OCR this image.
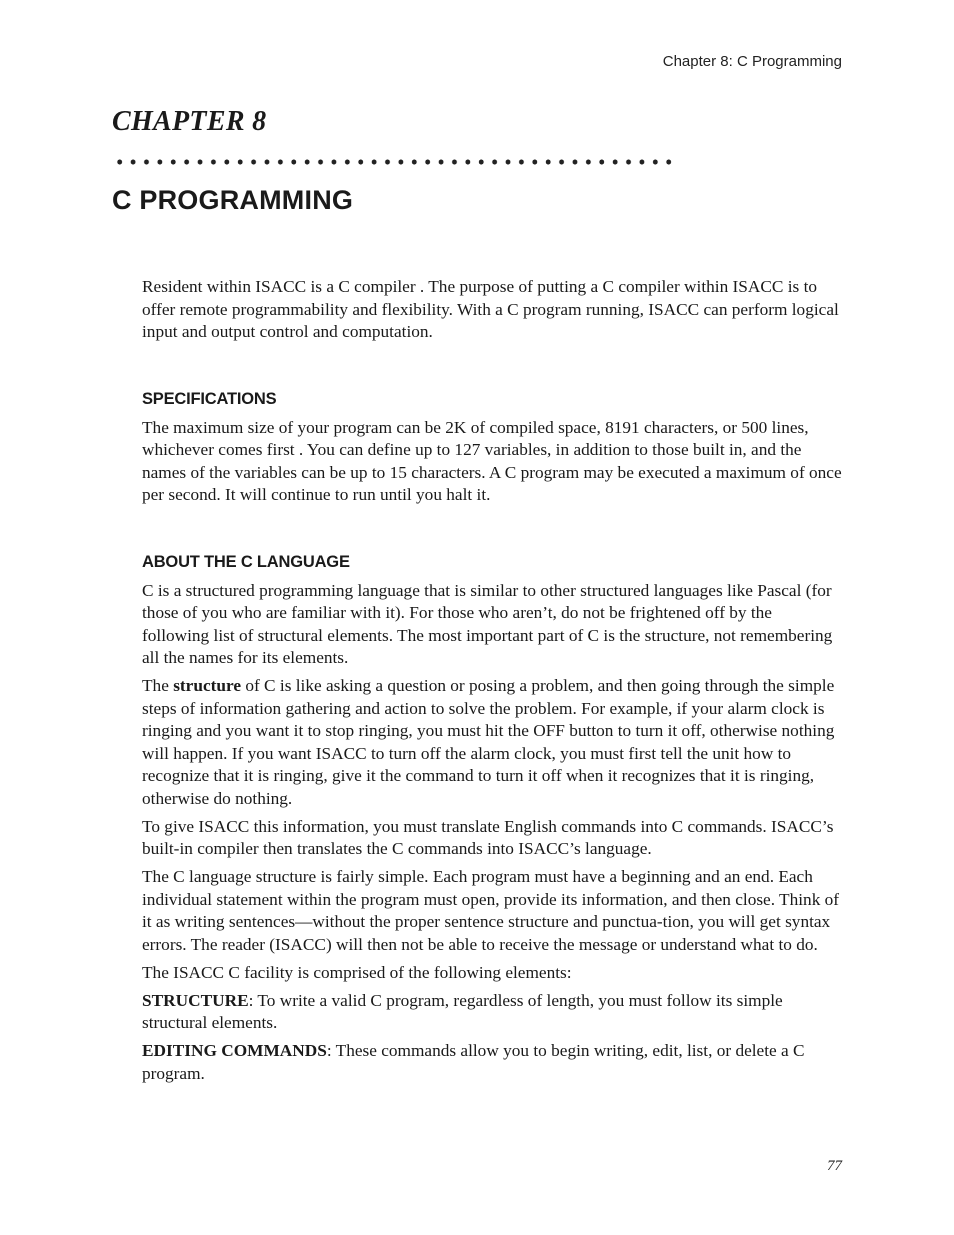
Chapter 8: C Programming
CHAPTER 8
C PROGRAMMING

Resident within ISACC is a C compiler . The purpose of putting a C compiler within ISACC is to offer remote programmability and flexibility. With a C program running, ISACC can perform logical input and output control and computation.

SPECIFICATIONS

The maximum size of your program can be 2K of compiled space, 8191 characters, or 500 lines, whichever comes first . You can define up to 127 variables, in addition to those built in, and the names of the variables can be up to 15 characters. A C program may be executed a maximum of once per second. It will continue to run until you halt it.

ABOUT THE C LANGUAGE

C is a structured programming language that is similar to other structured languages like Pascal (for those of you who are familiar with it). For those who aren’t, do not be frightened off by the following list of structural elements. The most important part of C is the structure, not remembering all the names for its elements.

The structure of C is like asking a question or posing a problem, and then going through the simple steps of information gathering and action to solve the problem. For example, if your alarm clock is ringing and you want it to stop ringing, you must hit the OFF button to turn it off, otherwise nothing will happen. If you want ISACC to turn off the alarm clock, you must first tell the unit how to recognize that it is ringing, give it the command to turn it off when it recognizes that it is ringing, otherwise do nothing.

To give ISACC this information, you must translate English commands into C commands. ISACC’s built-in compiler then translates the C commands into ISACC’s language.

The C language structure is fairly simple. Each program must have a beginning and an end. Each individual statement within the program must open, provide its information, and then close. Think of it as writing sentences—without the proper sentence structure and punctua-tion, you will get syntax errors. The reader (ISACC) will then not be able to receive the message or understand what to do.

The ISACC C facility is comprised of the following elements:

STRUCTURE: To write a valid C program, regardless of length, you must follow its simple structural elements.

EDITING COMMANDS: These commands allow you to begin writing, edit, list, or delete a C program.

77
